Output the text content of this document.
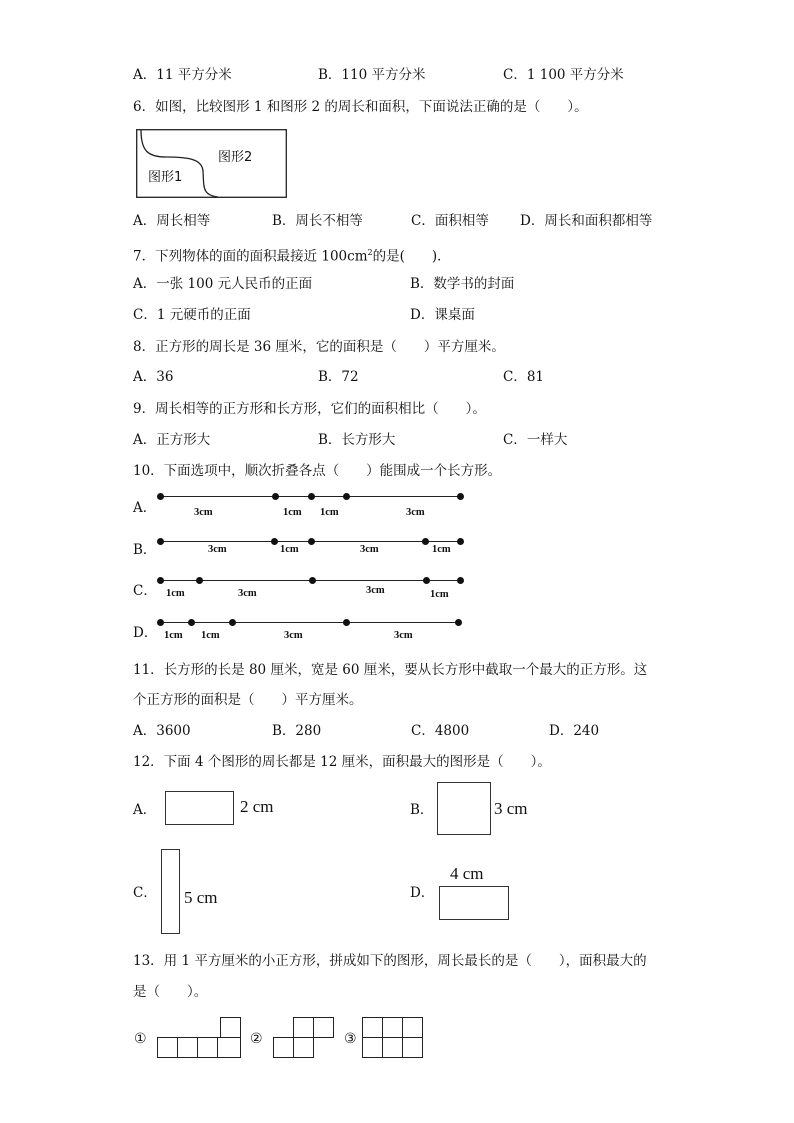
A．11 平方分米	B．110 平方分米	C．1 100 平方分米
6．如图，比较图形 1 和图形 2 的周长和面积，下面说法正确的是（　　）。
图形2
图形1
A．周长相等	B．周长不相等	C．面积相等 D．周长和面积都相等
7．下列物体的面的面积最接近 $100cm^2$的是(　　)．
A．一张 100 元人民币的正面	B．数学书的封面
C．1 元硬币的正面	D．课桌面
8．正方形的周长是 36 厘米，它的面积是（　　）平方厘米。
A．36	B．72	C．81
9．周长相等的正方形和长方形，它们的面积相比（　　）。
A．正方形大	B．长方形大	C．一样大
10．下面选项中，顺次折叠各点（　　）能围成一个长方形。
A．	3cm	1cm 1cm	3cm
B．	3cm	1cm	3cm	1cm
C． 1cm	3cm	3cm	1cm
D． 1cm 1cm	3cm	3cm
11．长方形的长是 80 厘米，宽是 60 厘米，要从长方形中截取一个最大的正方形。这
个正方形的面积是（　　）平方厘米。
A．3600	B．280	C．4800	D．240
12．下面 4 个图形的周长都是 12 厘米，面积最大的图形是（　　）。
A．	2 cm	B．	3 cm
C． 5 cm	D．
4 cm
13．用 1 平方厘米的小正方形，拼成如下的图形，周长最长的是（　　），面积最大的
是（　　）。
①	②	③
